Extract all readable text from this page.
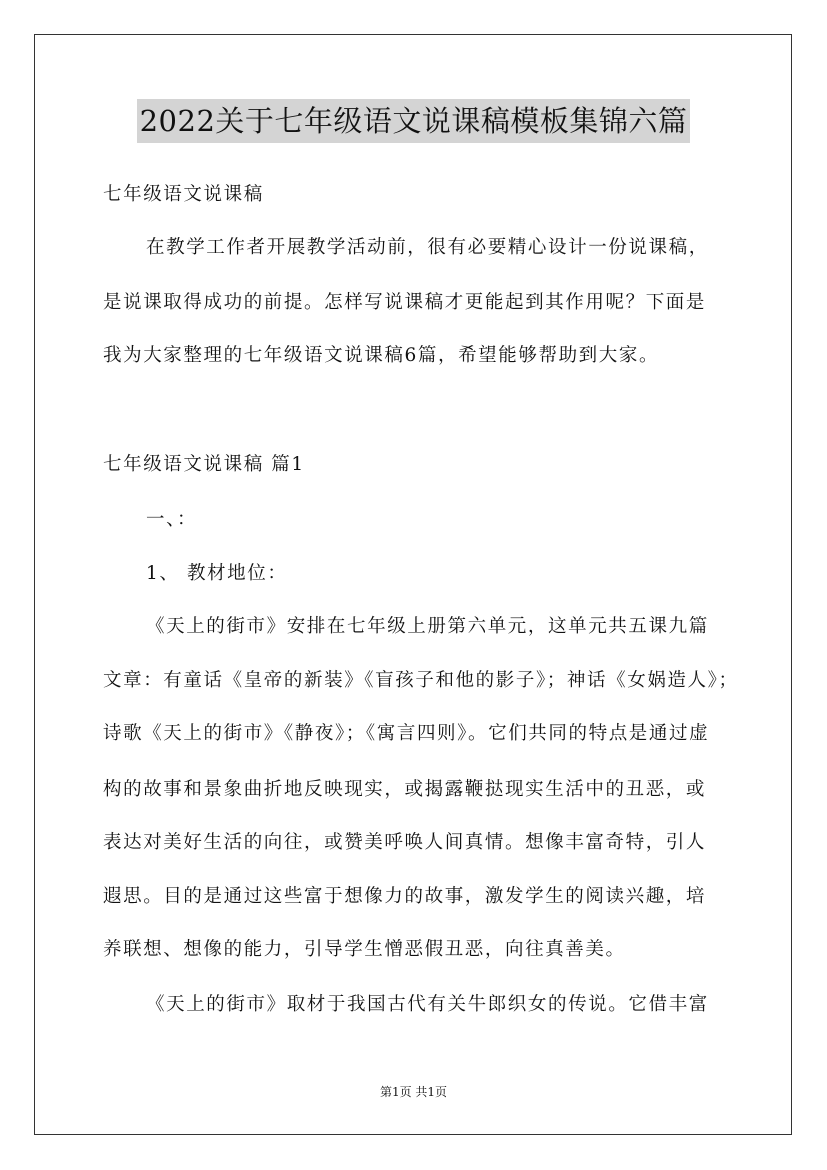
2022关于七年级语文说课稿模板集锦六篇
七年级语文说课稿
在教学工作者开展教学活动前，很有必要精心设计一份说课稿，
是说课取得成功的前提。怎样写说课稿才更能起到其作用呢？下面是
我为大家整理的七年级语文说课稿6篇，希望能够帮助到大家。
七年级语文说课稿 篇1
一、：
1、 教材地位：
《天上的街市》安排在七年级上册第六单元，这单元共五课九篇
文章：有童话《皇帝的新装》《盲孩子和他的影子》；神话《女娲造人》；
诗歌《天上的街市》《静夜》；《寓言四则》。它们共同的特点是通过虚
构的故事和景象曲折地反映现实，或揭露鞭挞现实生活中的丑恶，或
表达对美好生活的向往，或赞美呼唤人间真情。想像丰富奇特，引人
遐思。目的是通过这些富于想像力的故事，激发学生的阅读兴趣，培
养联想、想像的能力，引导学生憎恶假丑恶，向往真善美。
《天上的街市》取材于我国古代有关牛郎织女的传说。它借丰富
第1页 共1页
